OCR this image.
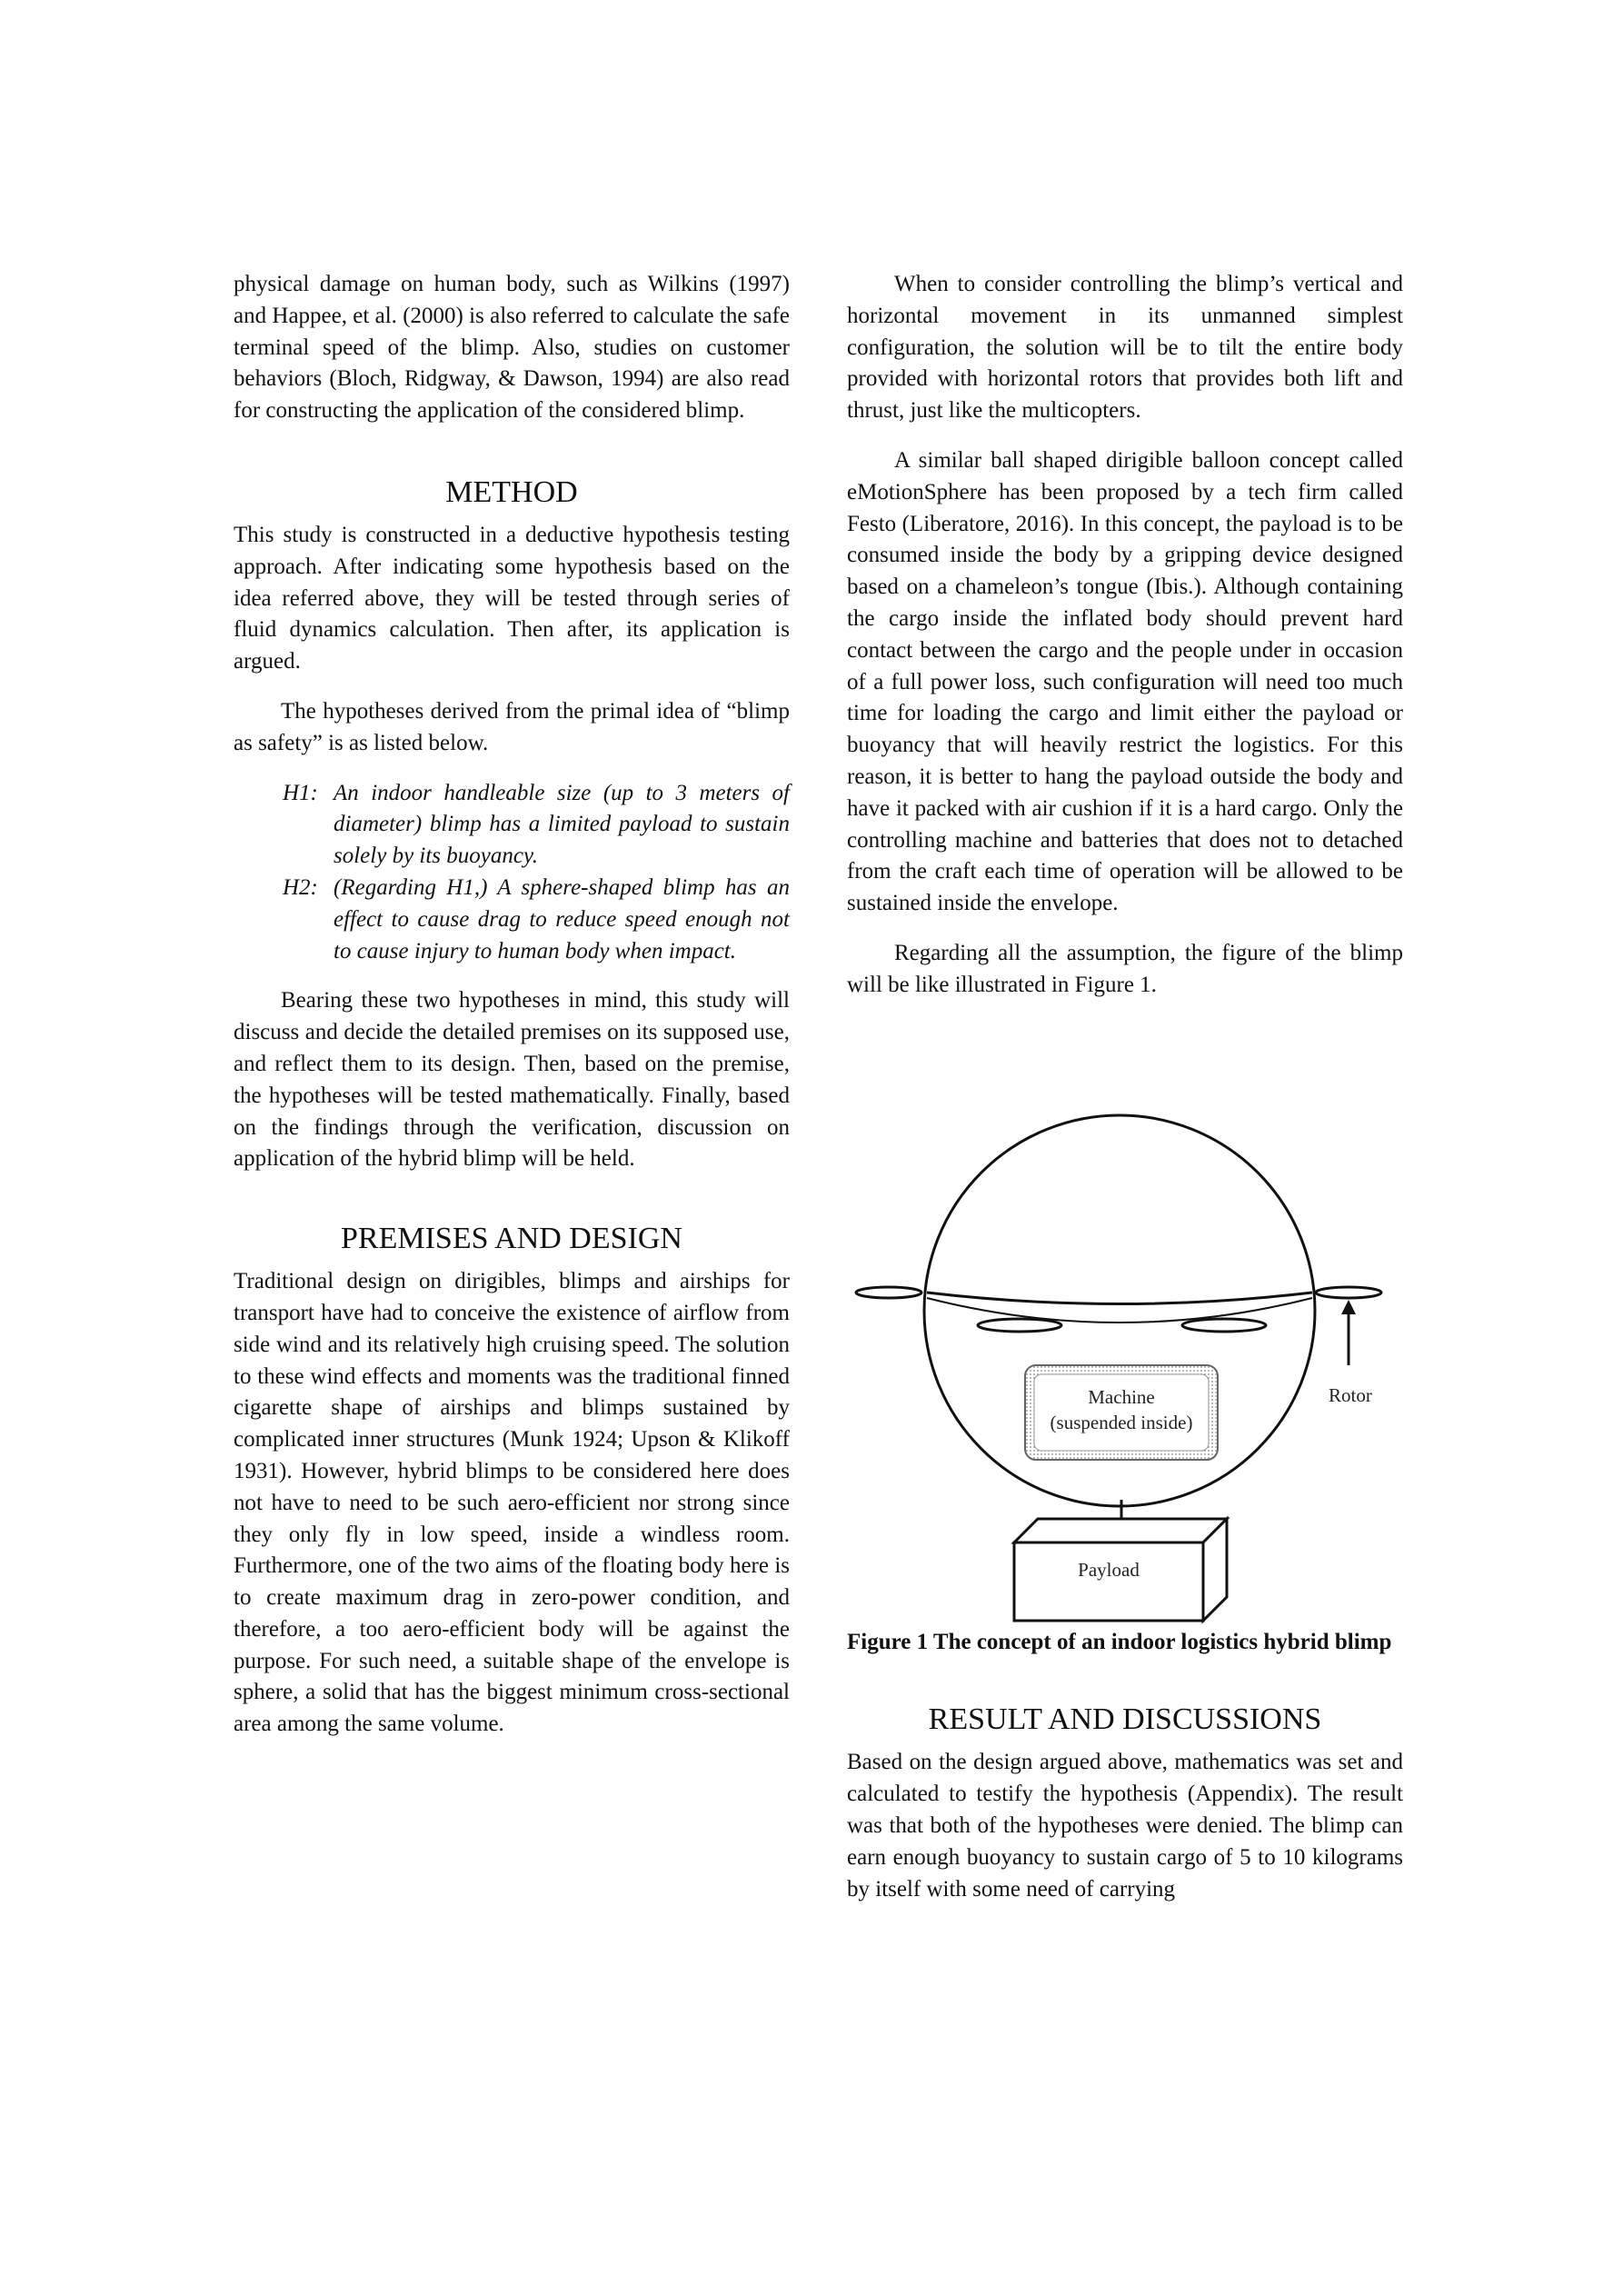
physical damage on human body, such as Wilkins (1997) and Happee, et al. (2000) is also referred to calculate the safe terminal speed of the blimp. Also, studies on customer behaviors (Bloch, Ridgway, & Dawson, 1994) are also read for constructing the application of the considered blimp.

METHOD

This study is constructed in a deductive hypothesis testing approach. After indicating some hypothesis based on the idea referred above, they will be tested through series of fluid dynamics calculation. Then after, its application is argued.

The hypotheses derived from the primal idea of “blimp as safety” is as listed below.

H1: An indoor handleable size (up to 3 meters of diameter) blimp has a limited payload to sustain solely by its buoyancy.
H2: (Regarding H1,) A sphere-shaped blimp has an effect to cause drag to reduce speed enough not to cause injury to human body when impact.

Bearing these two hypotheses in mind, this study will discuss and decide the detailed premises on its supposed use, and reflect them to its design. Then, based on the premise, the hypotheses will be tested mathematically. Finally, based on the findings through the verification, discussion on application of the hybrid blimp will be held.

PREMISES AND DESIGN

Traditional design on dirigibles, blimps and airships for transport have had to conceive the existence of airflow from side wind and its relatively high cruising speed. The solution to these wind effects and moments was the traditional finned cigarette shape of airships and blimps sustained by complicated inner structures (Munk 1924; Upson & Klikoff 1931). However, hybrid blimps to be considered here does not have to need to be such aero-efficient nor strong since they only fly in low speed, inside a windless room. Furthermore, one of the two aims of the floating body here is to create maximum drag in zero-power condition, and therefore, a too aero-efficient body will be against the purpose. For such need, a suitable shape of the envelope is sphere, a solid that has the biggest minimum cross-sectional area among the same volume.

When to consider controlling the blimp’s vertical and horizontal movement in its unmanned simplest configuration, the solution will be to tilt the entire body provided with horizontal rotors that provides both lift and thrust, just like the multicopters.

A similar ball shaped dirigible balloon concept called eMotionSphere has been proposed by a tech firm called Festo (Liberatore, 2016). In this concept, the payload is to be consumed inside the body by a gripping device designed based on a chameleon’s tongue (Ibis.). Although containing the cargo inside the inflated body should prevent hard contact between the cargo and the people under in occasion of a full power loss, such configuration will need too much time for loading the cargo and limit either the payload or buoyancy that will heavily restrict the logistics. For this reason, it is better to hang the payload outside the body and have it packed with air cushion if it is a hard cargo. Only the controlling machine and batteries that does not to detached from the craft each time of operation will be allowed to be sustained inside the envelope.

Regarding all the assumption, the figure of the blimp will be like illustrated in Figure 1.

Machine
(suspended inside)
Rotor
Payload

Figure 1 The concept of an indoor logistics hybrid blimp

RESULT AND DISCUSSIONS

Based on the design argued above, mathematics was set and calculated to testify the hypothesis (Appendix). The result was that both of the hypotheses were denied. The blimp can earn enough buoyancy to sustain cargo of 5 to 10 kilograms by itself with some need of carrying
